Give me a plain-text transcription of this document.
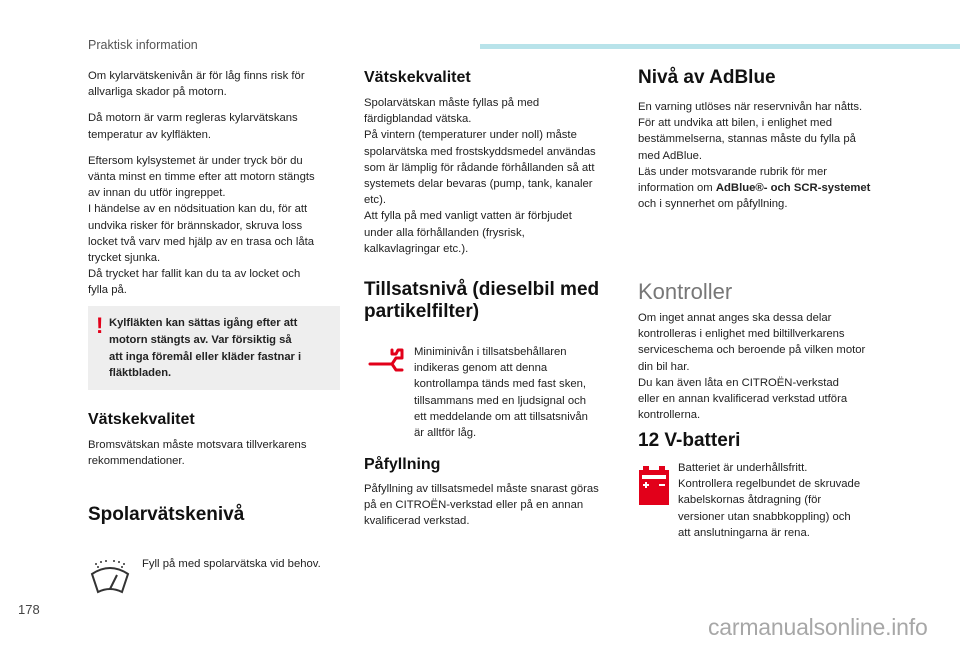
Praktisk information

Om kylarvätskenivån är för låg finns risk för
allvarliga skador på motorn.

Då motorn är varm regleras kylarvätskans
temperatur av kylfläkten.

Eftersom kylsystemet är under tryck bör du
vänta minst en timme efter att motorn stängts
av innan du utför ingreppet.
I händelse av en nödsituation kan du, för att
undvika risker för brännskador, skruva loss
locket två varv med hjälp av en trasa och låta
trycket sjunka.
Då trycket har fallit kan du ta av locket och
fylla på.

! Kylfläkten kan sättas igång efter att
motorn stängts av. Var försiktig så
att inga föremål eller kläder fastnar i
fläktbladen.
Vätskekvalitet

Bromsvätskan måste motsvara tillverkarens
rekommendationer.

Spolarvätskenivå

Fyll på med spolarvätska vid behov.

Vätskekvalitet

Spolarvätskan måste fyllas på med
färdigblandad vätska.
På vintern (temperaturer under noll) måste
spolarvätska med frostskyddsmedel användas
som är lämplig för rådande förhållanden så att
systemets delar bevaras (pump, tank, kanaler
etc).
Att fylla på med vanligt vatten är förbjudet
under alla förhållanden (frysrisk,
kalkavlagringar etc.).

Tillsatsnivå (dieselbil med
partikelfilter)

Miniminivån i tillsatsbehållaren
indikeras genom att denna
kontrollampa tänds med fast sken,
tillsammans med en ljudsignal och
ett meddelande om att tillsatsnivån
är alltför låg.

Påfyllning

Påfyllning av tillsatsmedel måste snarast göras
på en CITROËN-verkstad eller på en annan
kvalificerad verkstad.

Nivå av AdBlue

En varning utlöses när reservnivån har nåtts.
För att undvika att bilen, i enlighet med
bestämmelserna, stannas måste du fylla på
med AdBlue.
Läs under motsvarande rubrik för mer
information om AdBlue®- och SCR-systemet
och i synnerhet om påfyllning.

Kontroller

Om inget annat anges ska dessa delar
kontrolleras i enlighet med biltillverkarens
serviceschema och beroende på vilken motor
din bil har.
Du kan även låta en CITROËN-verkstad
eller en annan kvalificerad verkstad utföra
kontrollerna.

12 V-batteri

Batteriet är underhållsfritt.
Kontrollera regelbundet de skruvade
kabelskornas åtdragning (för
versioner utan snabbkoppling) och
att anslutningarna är rena.

178
carmanualsonline.info
